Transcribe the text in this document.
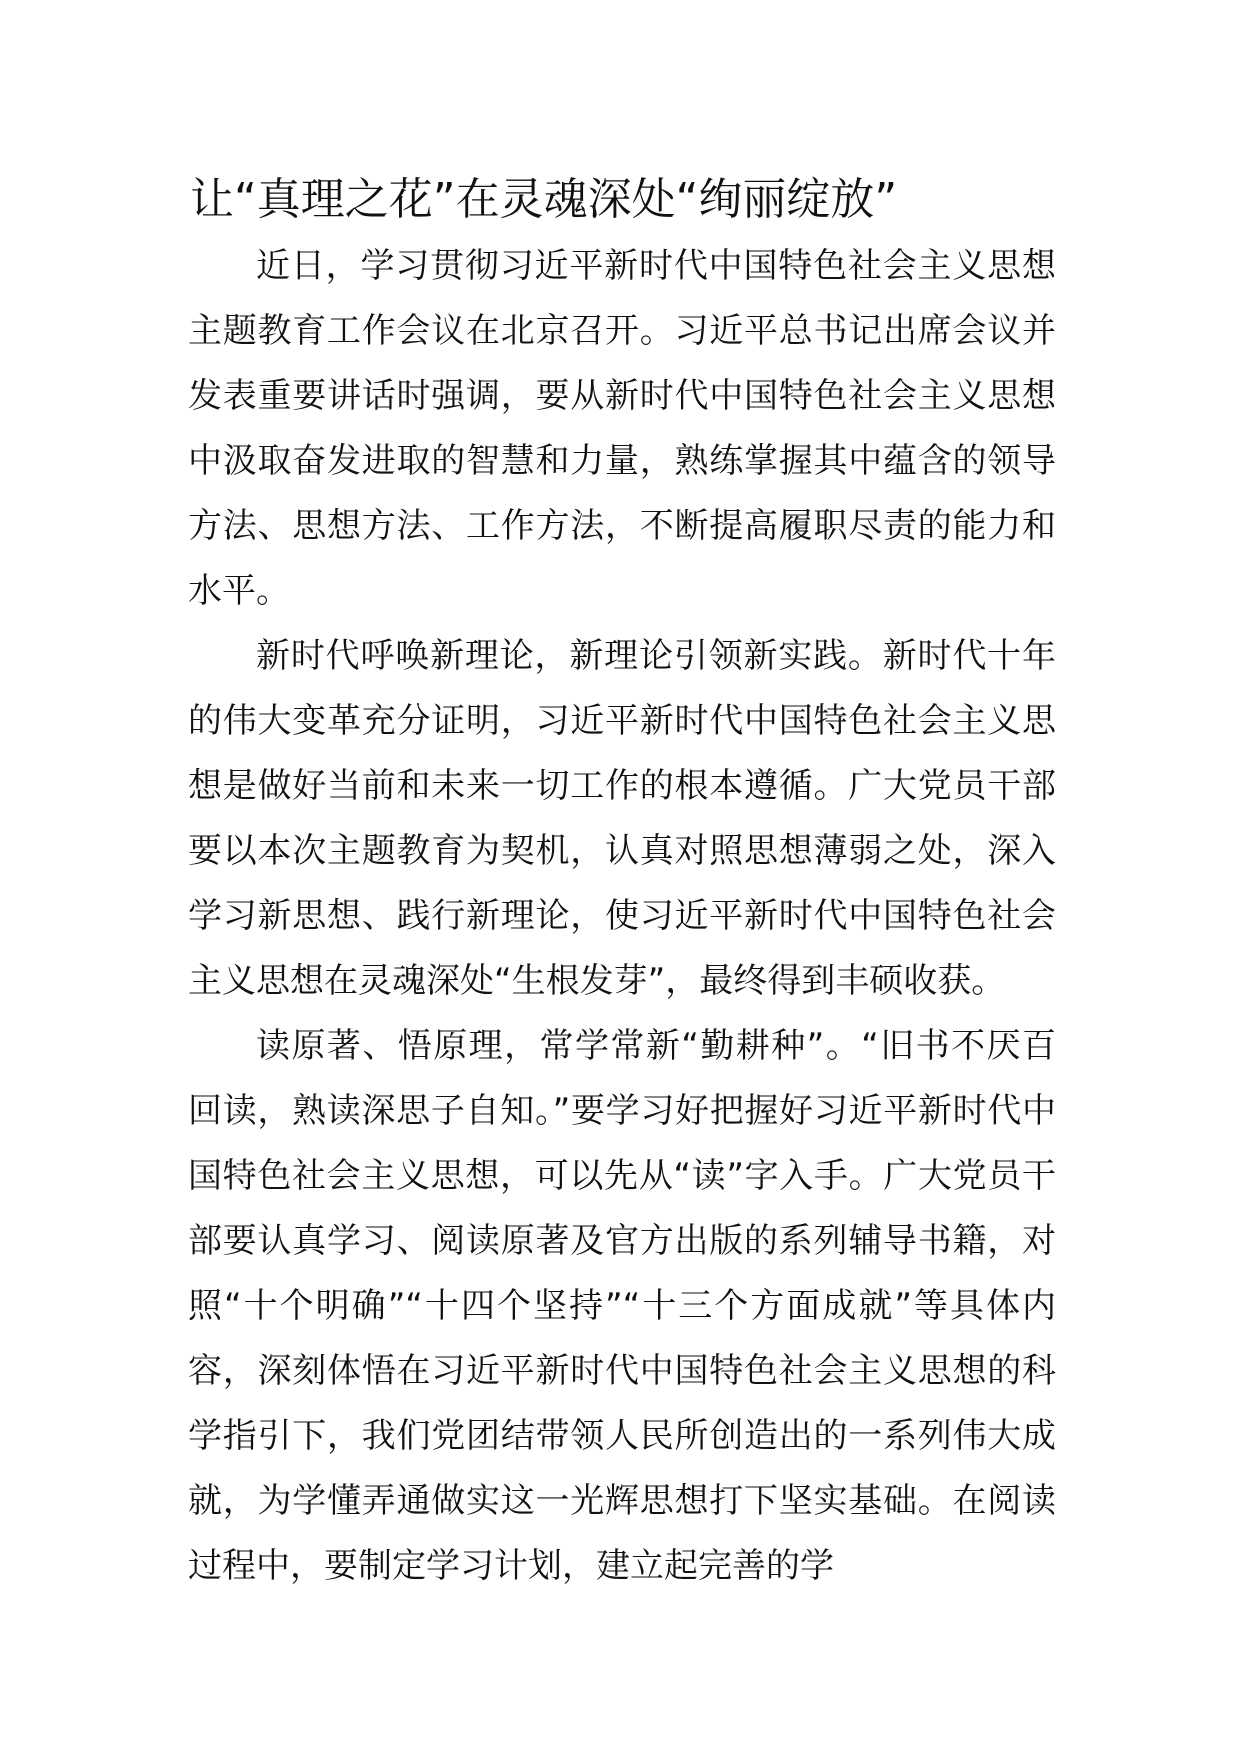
让“真理之花”在灵魂深处“绚丽绽放”

近日，学习贯彻习近平新时代中国特色社会主义思想主题教育工作会议在北京召开。习近平总书记出席会议并发表重要讲话时强调，要从新时代中国特色社会主义思想中汲取奋发进取的智慧和力量，熟练掌握其中蕴含的领导方法、思想方法、工作方法，不断提高履职尽责的能力和水平。

新时代呼唤新理论，新理论引领新实践。新时代十年的伟大变革充分证明，习近平新时代中国特色社会主义思想是做好当前和未来一切工作的根本遵循。广大党员干部要以本次主题教育为契机，认真对照思想薄弱之处，深入学习新思想、践行新理论，使习近平新时代中国特色社会主义思想在灵魂深处“生根发芽”，最终得到丰硕收获。

读原著、悟原理，常学常新“勤耕种”。“旧书不厌百回读，熟读深思子自知。”要学习好把握好习近平新时代中国特色社会主义思想，可以先从“读”字入手。广大党员干部要认真学习、阅读原著及官方出版的系列辅导书籍，对照“十个明确”“十四个坚持”“十三个方面成就”等具体内容，深刻体悟在习近平新时代中国特色社会主义思想的科学指引下，我们党团结带领人民所创造出的一系列伟大成就，为学懂弄通做实这一光辉思想打下坚实基础。在阅读过程中，要制定学习计划，建立起完善的学
